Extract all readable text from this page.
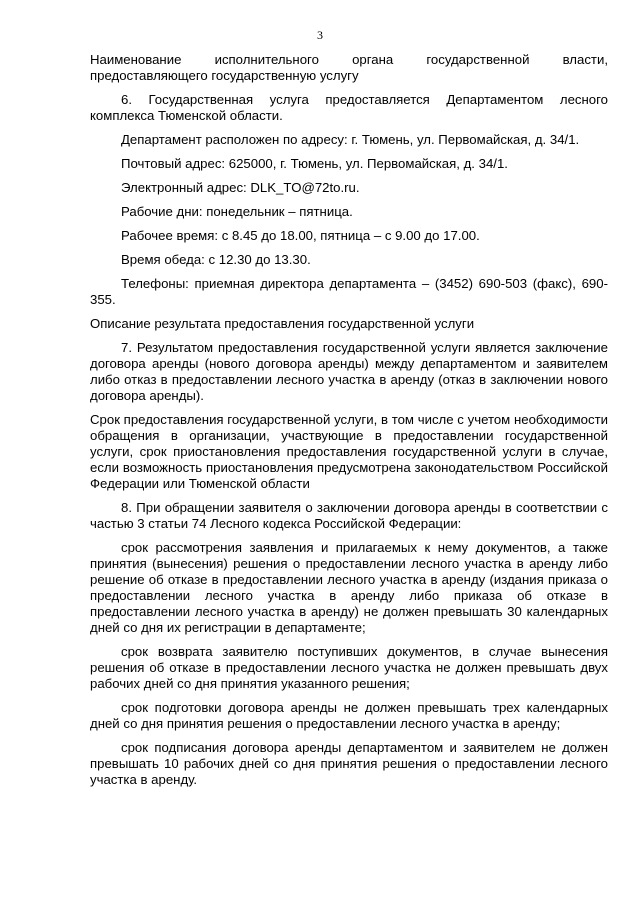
3

Наименование исполнительного органа государственной власти, предоставляющего государственную услугу

6. Государственная услуга предоставляется Департаментом лесного комплекса Тюменской области.

Департамент расположен по адресу: г. Тюмень, ул. Первомайская, д. 34/1.

Почтовый адрес: 625000, г. Тюмень, ул. Первомайская, д. 34/1.

Электронный адрес: DLK_TO@72to.ru.

Рабочие дни: понедельник – пятница.

Рабочее время: с 8.45 до 18.00, пятница – с 9.00 до 17.00.

Время обеда: с 12.30 до 13.30.

Телефоны: приемная директора департамента – (3452) 690-503 (факс), 690-355.

Описание результата предоставления государственной услуги

7. Результатом предоставления государственной услуги является заключение договора аренды (нового договора аренды) между департаментом и заявителем либо отказ в предоставлении лесного участка в аренду (отказ в заключении нового договора аренды).

Срок предоставления государственной услуги, в том числе с учетом необходимости обращения в организации, участвующие в предоставлении государственной услуги, срок приостановления предоставления государственной услуги в случае, если возможность приостановления предусмотрена законодательством Российской Федерации или Тюменской области

8. При обращении заявителя о заключении договора аренды в соответствии с частью 3 статьи 74 Лесного кодекса Российской Федерации:

срок рассмотрения заявления и прилагаемых к нему документов, а также принятия (вынесения) решения о предоставлении лесного участка в аренду либо решение об отказе в предоставлении лесного участка в аренду (издания приказа о предоставлении лесного участка в аренду либо приказа об отказе в предоставлении лесного участка в аренду) не должен превышать 30 календарных дней со дня их регистрации в департаменте;

срок возврата заявителю поступивших документов, в случае вынесения решения об отказе в предоставлении лесного участка не должен превышать двух рабочих дней со дня принятия указанного решения;

срок подготовки договора аренды не должен превышать трех календарных дней со дня принятия решения о предоставлении лесного участка в аренду;

срок подписания договора аренды департаментом и заявителем не должен превышать 10 рабочих дней со дня принятия решения о предоставлении лесного участка в аренду.
